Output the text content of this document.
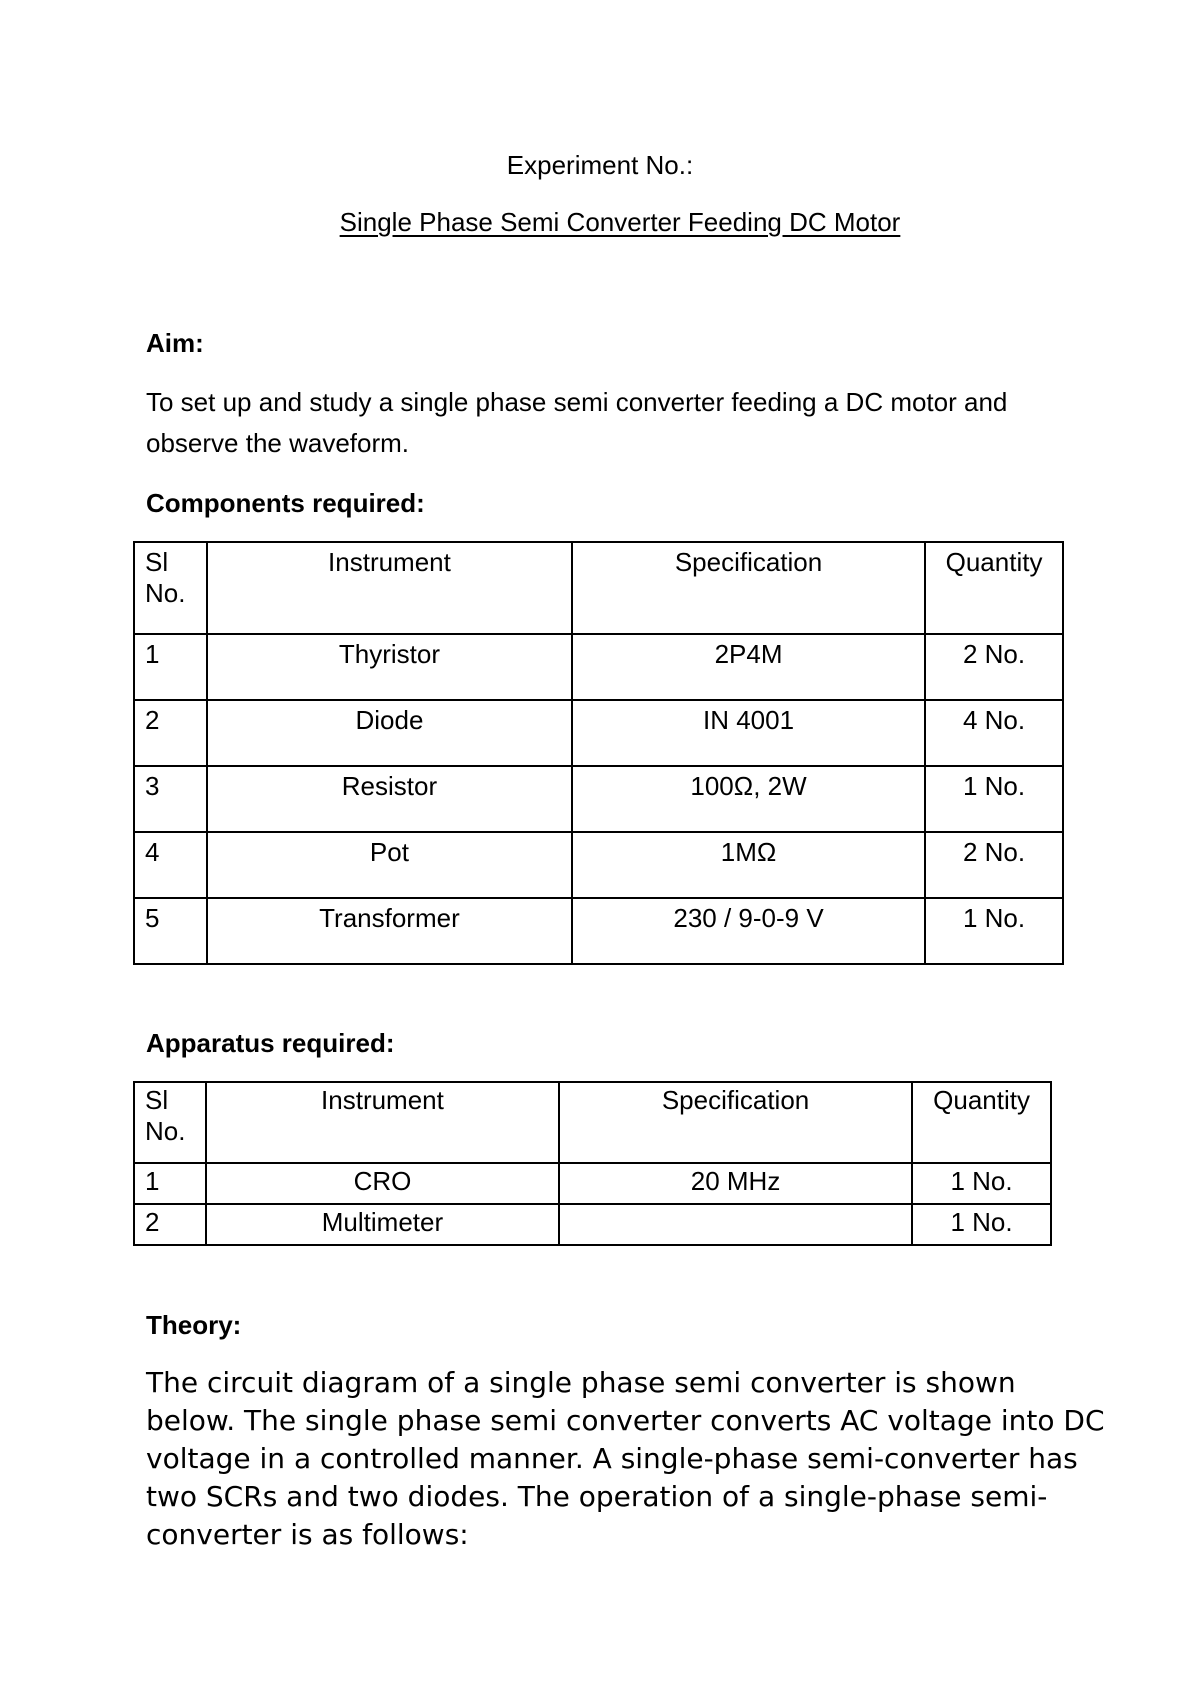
Experiment No.:
Single Phase Semi Converter Feeding DC Motor
Aim:

To set up and study a single phase semi converter feeding a DC motor and observe the waveform.

Components required:
Sl No.	Instrument	Specification	Quantity
1	Thyristor	2P4M	2 No.
2	Diode	IN 4001	4 No.
3	Resistor	100Ω, 2W	1 No.
4	Pot	1MΩ	2 No.
5	Transformer	230 / 9-0-9 V	1 No.
Apparatus required:
Sl No.	Instrument	Specification	Quantity
1	CRO	20 MHz	1 No.
2	Multimeter		1 No.
Theory:

The circuit diagram of a single phase semi converter is shown below. The single phase semi converter converts AC voltage into DC voltage in a controlled manner. A single-phase semi-converter has two SCRs and two diodes. The operation of a single-phase semi-converter is as follows:
